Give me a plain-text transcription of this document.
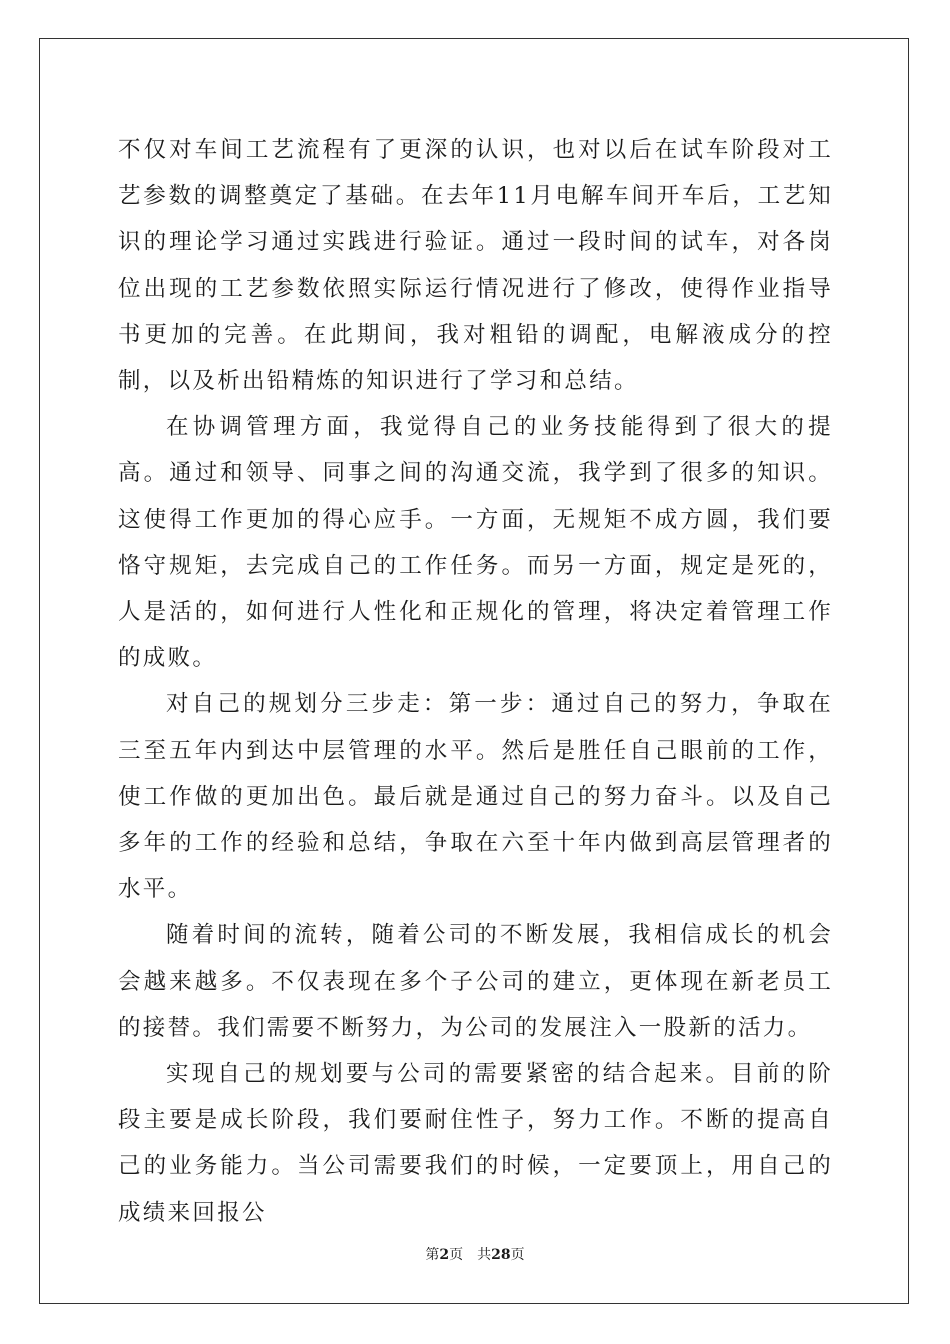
不仅对车间工艺流程有了更深的认识，也对以后在试车阶段对工艺参数的调整奠定了基础。在去年11月电解车间开车后，工艺知识的理论学习通过实践进行验证。通过一段时间的试车，对各岗位出现的工艺参数依照实际运行情况进行了修改，使得作业指导书更加的完善。在此期间，我对粗铅的调配，电解液成分的控制，以及析出铅精炼的知识进行了学习和总结。

在协调管理方面，我觉得自己的业务技能得到了很大的提高。通过和领导、同事之间的沟通交流，我学到了很多的知识。这使得工作更加的得心应手。一方面，无规矩不成方圆，我们要恪守规矩，去完成自己的工作任务。而另一方面，规定是死的，人是活的，如何进行人性化和正规化的管理，将决定着管理工作的成败。

对自己的规划分三步走：第一步：通过自己的努力，争取在三至五年内到达中层管理的水平。然后是胜任自己眼前的工作，使工作做的更加出色。最后就是通过自己的努力奋斗。以及自己多年的工作的经验和总结，争取在六至十年内做到高层管理者的水平。

随着时间的流转，随着公司的不断发展，我相信成长的机会会越来越多。不仅表现在多个子公司的建立，更体现在新老员工的接替。我们需要不断努力，为公司的发展注入一股新的活力。

实现自己的规划要与公司的需要紧密的结合起来。目前的阶段主要是成长阶段，我们要耐住性子，努力工作。不断的提高自己的业务能力。当公司需要我们的时候，一定要顶上，用自己的成绩来回报公

第2页 共28页
